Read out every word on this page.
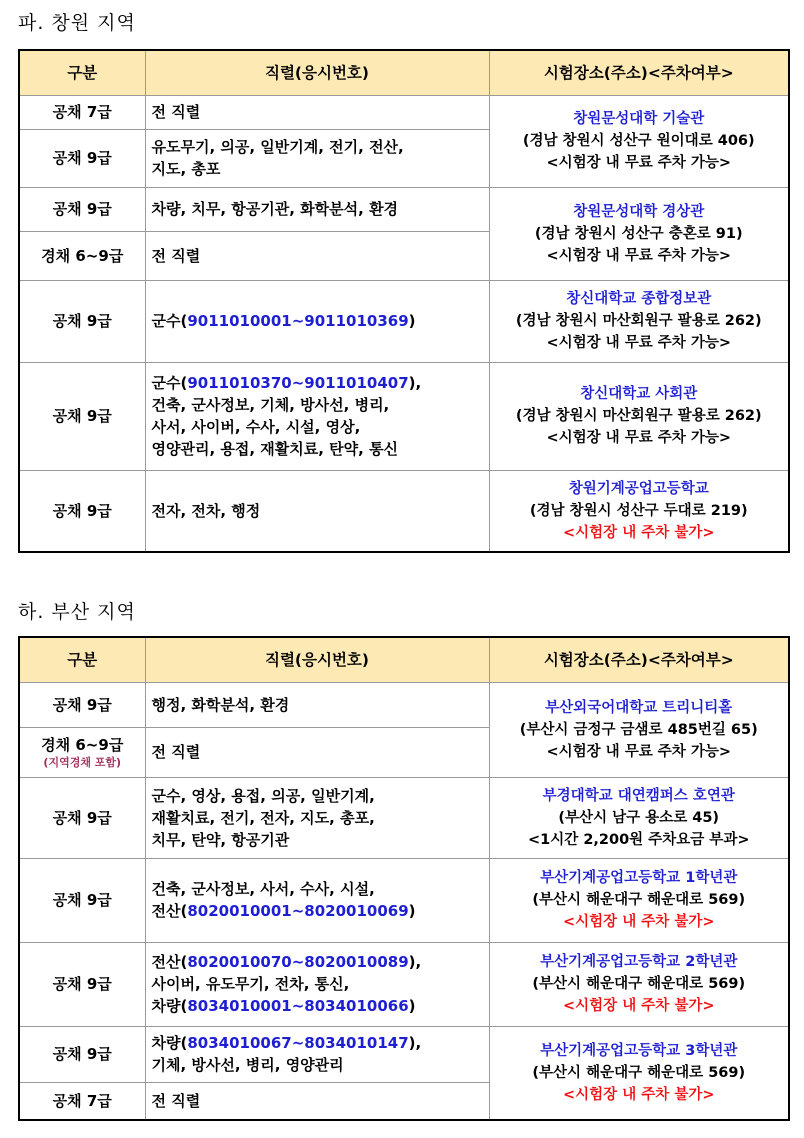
파. 창원 지역
구분	직렬(응시번호)	시험장소(주소)<주차여부>
공채 7급	전 직렬	창원문성대학 기술관
(경남 창원시 성산구 원이대로 406)
<시험장 내 무료 주차 가능>

공채 9급	유도무기, 의공, 일반기계, 전기, 전산,
지도, 총포	

공채 9급	차량, 치무, 항공기관, 화학분석, 환경	창원문성대학 경상관
(경남 창원시 성산구 충혼로 91)
<시험장 내 무료 주차 가능>

경채 6~9급	전 직렬	

공채 9급	군수(9011010001~9011010369)	창신대학교 종합정보관
(경남 창원시 마산회원구 팔용로 262)
<시험장 내 무료 주차 가능>

공채 9급	군수(9011010370~9011010407),
건축, 군사정보, 기체, 방사선, 병리,
사서, 사이버, 수사, 시설, 영상,
영양관리, 용접, 재활치료, 탄약, 통신	창신대학교 사회관
(경남 창원시 마산회원구 팔용로 262)
<시험장 내 무료 주차 가능>

공채 9급	전자, 전차, 행정	창원기계공업고등학교
(경남 창원시 성산구 두대로 219)
<시험장 내 주차 불가>
하. 부산 지역
구분	직렬(응시번호)	시험장소(주소)<주차여부>
공채 9급	행정, 화학분석, 환경	부산외국어대학교 트리니티홀
(부산시 금정구 금샘로 485번길 65)
<시험장 내 무료 주차 가능>

경채 6~9급
(지역경채 포함)	전 직렬	

공채 9급	군수, 영상, 용접, 의공, 일반기계,
재활치료, 전기, 전자, 지도, 총포,
치무, 탄약, 항공기관	부경대학교 대연캠퍼스 호연관
(부산시 남구 용소로 45)
<1시간 2,200원 주차요금 부과>

공채 9급	건축, 군사정보, 사서, 수사, 시설,
전산(8020010001~8020010069)	부산기계공업고등학교 1학년관
(부산시 해운대구 해운대로 569)
<시험장 내 주차 불가>

공채 9급	전산(8020010070~8020010089),
사이버, 유도무기, 전차, 통신,
차량(8034010001~8034010066)	부산기계공업고등학교 2학년관
(부산시 해운대구 해운대로 569)
<시험장 내 주차 불가>

공채 9급	차량(8034010067~8034010147),
기체, 방사선, 병리, 영양관리	부산기계공업고등학교 3학년관
(부산시 해운대구 해운대로 569)
<시험장 내 주차 불가>

공채 7급	전 직렬	
